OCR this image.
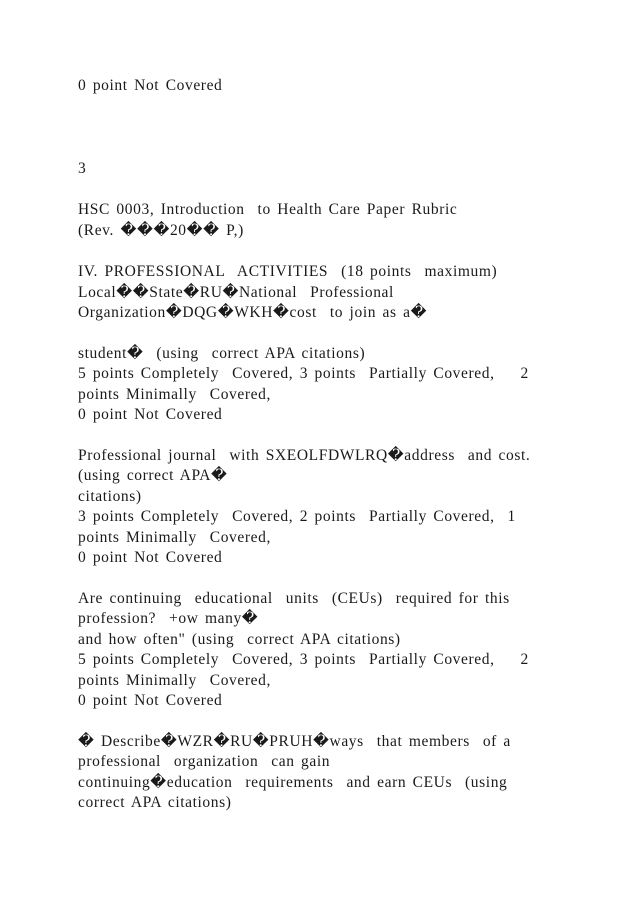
0 point Not Covered
3
HSC 0003, Introduction  to Health Care Paper Rubric
(Rev. ���20�� P,)
IV. PROFESSIONAL  ACTIVITIES  (18 points  maximum)
Local��State�RU�National  Professional
Organization�DQG�WKH�cost  to join as a�
student�  (using  correct APA citations)
5 points Completely  Covered, 3 points  Partially Covered,    2
points Minimally  Covered,
0 point Not Covered
Professional journal  with SXEOLFDWLRQ�address  and cost.
(using correct APA�
citations)
3 points Completely  Covered, 2 points  Partially Covered,  1
points Minimally  Covered,
0 point Not Covered
Are continuing  educational  units  (CEUs)  required for this
profession?  +ow many�
and how often" (using  correct APA citations)
5 points Completely  Covered, 3 points  Partially Covered,    2
points Minimally  Covered,
0 point Not Covered
� Describe�WZR�RU�PRUH�ways  that members  of a
professional  organization  can gain
continuing�education  requirements  and earn CEUs  (using
correct APA citations)
